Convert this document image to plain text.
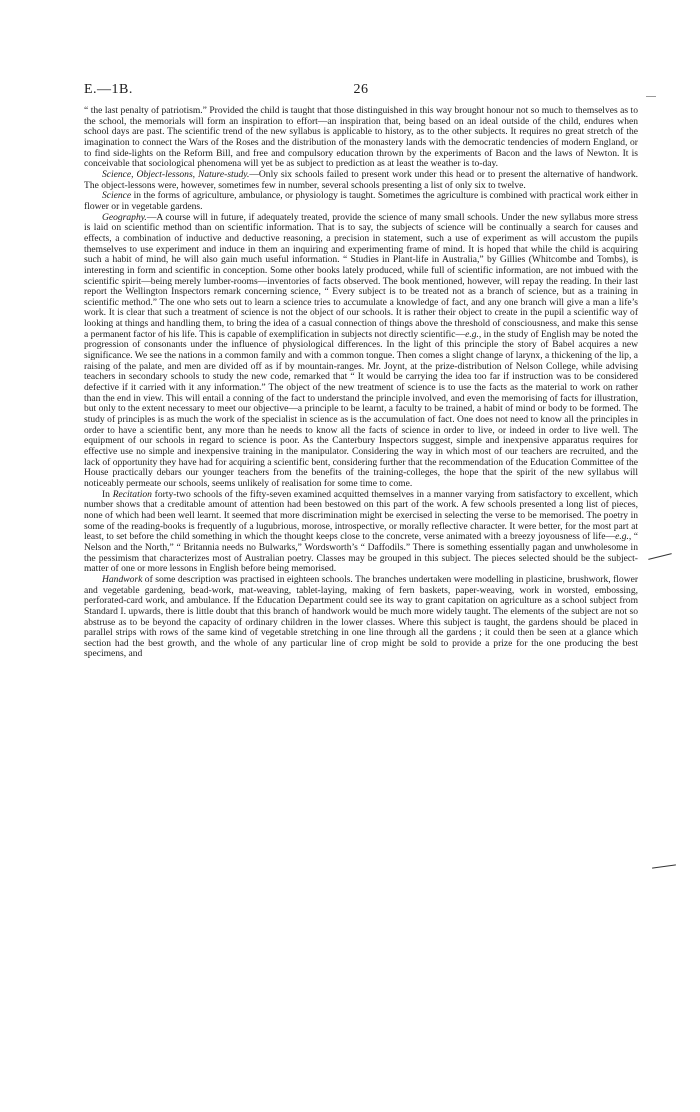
E.—1B.	26

“ the last penalty of patriotism.” Provided the child is taught that those distinguished in this way brought honour not so much to themselves as to the school, the memorials will form an inspiration to effort—an inspiration that, being based on an ideal outside of the child, endures when school days are past. The scientific trend of the new syllabus is applicable to history, as to the other subjects. It requires no great stretch of the imagination to connect the Wars of the Roses and the distribution of the monastery lands with the democratic tendencies of modern England, or to find side-lights on the Reform Bill, and free and compulsory education thrown by the experiments of Bacon and the laws of Newton. It is conceivable that sociological phenomena will yet be as subject to prediction as at least the weather is to-day.

Science, Object-lessons, Nature-study.—Only six schools failed to present work under this head or to present the alternative of handwork. The object-lessons were, however, sometimes few in number, several schools presenting a list of only six to twelve.

Science in the forms of agriculture, ambulance, or physiology is taught. Sometimes the agriculture is combined with practical work either in flower or in vegetable gardens.

Geography.—A course will in future, if adequately treated, provide the science of many small schools. Under the new syllabus more stress is laid on scientific method than on scientific information. That is to say, the subjects of science will be continually a search for causes and effects, a combination of inductive and deductive reasoning, a precision in statement, such a use of experiment as will accustom the pupils themselves to use experiment and induce in them an inquiring and experimenting frame of mind. It is hoped that while the child is acquiring such a habit of mind, he will also gain much useful information. “ Studies in Plant-life in Australia,” by Gillies (Whitcombe and Tombs), is interesting in form and scientific in conception. Some other books lately produced, while full of scientific information, are not imbued with the scientific spirit—being merely lumber-rooms—inventories of facts observed. The book mentioned, however, will repay the reading. In their last report the Wellington Inspectors remark concerning science, “ Every subject is to be treated not as a branch of science, but as a training in scientific method.” The one who sets out to learn a science tries to accumulate a knowledge of fact, and any one branch will give a man a life’s work. It is clear that such a treatment of science is not the object of our schools. It is rather their object to create in the pupil a scientific way of looking at things and handling them, to bring the idea of a casual connection of things above the threshold of consciousness, and make this sense a permanent factor of his life. This is capable of exemplification in subjects not directly scientific—e.g., in the study of English may be noted the progression of consonants under the influence of physiological differences. In the light of this principle the story of Babel acquires a new significance. We see the nations in a common family and with a common tongue. Then comes a slight change of larynx, a thickening of the lip, a raising of the palate, and men are divided off as if by mountain-ranges. Mr. Joynt, at the prize-distribution of Nelson College, while advising teachers in secondary schools to study the new code, remarked that “ It would be carrying the idea too far if instruction was to be considered defective if it carried with it any information.” The object of the new treatment of science is to use the facts as the material to work on rather than the end in view. This will entail a conning of the fact to understand the principle involved, and even the memorising of facts for illustration, but only to the extent necessary to meet our objective—a principle to be learnt, a faculty to be trained, a habit of mind or body to be formed. The study of principles is as much the work of the specialist in science as is the accumulation of fact. One does not need to know all the principles in order to have a scientific bent, any more than he needs to know all the facts of science in order to live, or indeed in order to live well. The equipment of our schools in regard to science is poor. As the Canterbury Inspectors suggest, simple and inexpensive apparatus requires for effective use no simple and inexpensive training in the manipulator. Considering the way in which most of our teachers are recruited, and the lack of opportunity they have had for acquiring a scientific bent, considering further that the recommendation of the Education Committee of the House practically debars our younger teachers from the benefits of the training-colleges, the hope that the spirit of the new syllabus will noticeably permeate our schools, seems unlikely of realisation for some time to come.

In Recitation forty-two schools of the fifty-seven examined acquitted themselves in a manner varying from satisfactory to excellent, which number shows that a creditable amount of attention had been bestowed on this part of the work. A few schools presented a long list of pieces, none of which had been well learnt. It seemed that more discrimination might be exercised in selecting the verse to be memorised. The poetry in some of the reading-books is frequently of a lugubrious, morose, introspective, or morally reflective character. It were better, for the most part at least, to set before the child something in which the thought keeps close to the concrete, verse animated with a breezy joyousness of life—e.g., “ Nelson and the North,” “ Britannia needs no Bulwarks,” Wordsworth’s “ Daffodils.” There is something essentially pagan and unwholesome in the pessimism that characterizes most of Australian poetry. Classes may be grouped in this subject. The pieces selected should be the subject-matter of one or more lessons in English before being memorised.

Handwork of some description was practised in eighteen schools. The branches undertaken were modelling in plasticine, brushwork, flower and vegetable gardening, bead-work, mat-weaving, tablet-laying, making of fern baskets, paper-weaving, work in worsted, embossing, perforated-card work, and ambulance. If the Education Department could see its way to grant capitation on agriculture as a school subject from Standard I. upwards, there is little doubt that this branch of handwork would be much more widely taught. The elements of the subject are not so abstruse as to be beyond the capacity of ordinary children in the lower classes. Where this subject is taught, the gardens should be placed in parallel strips with rows of the same kind of vegetable stretching in one line through all the gardens ; it could then be seen at a glance which section had the best growth, and the whole of any particular line of crop might be sold to provide a prize for the one producing the best specimens, and
